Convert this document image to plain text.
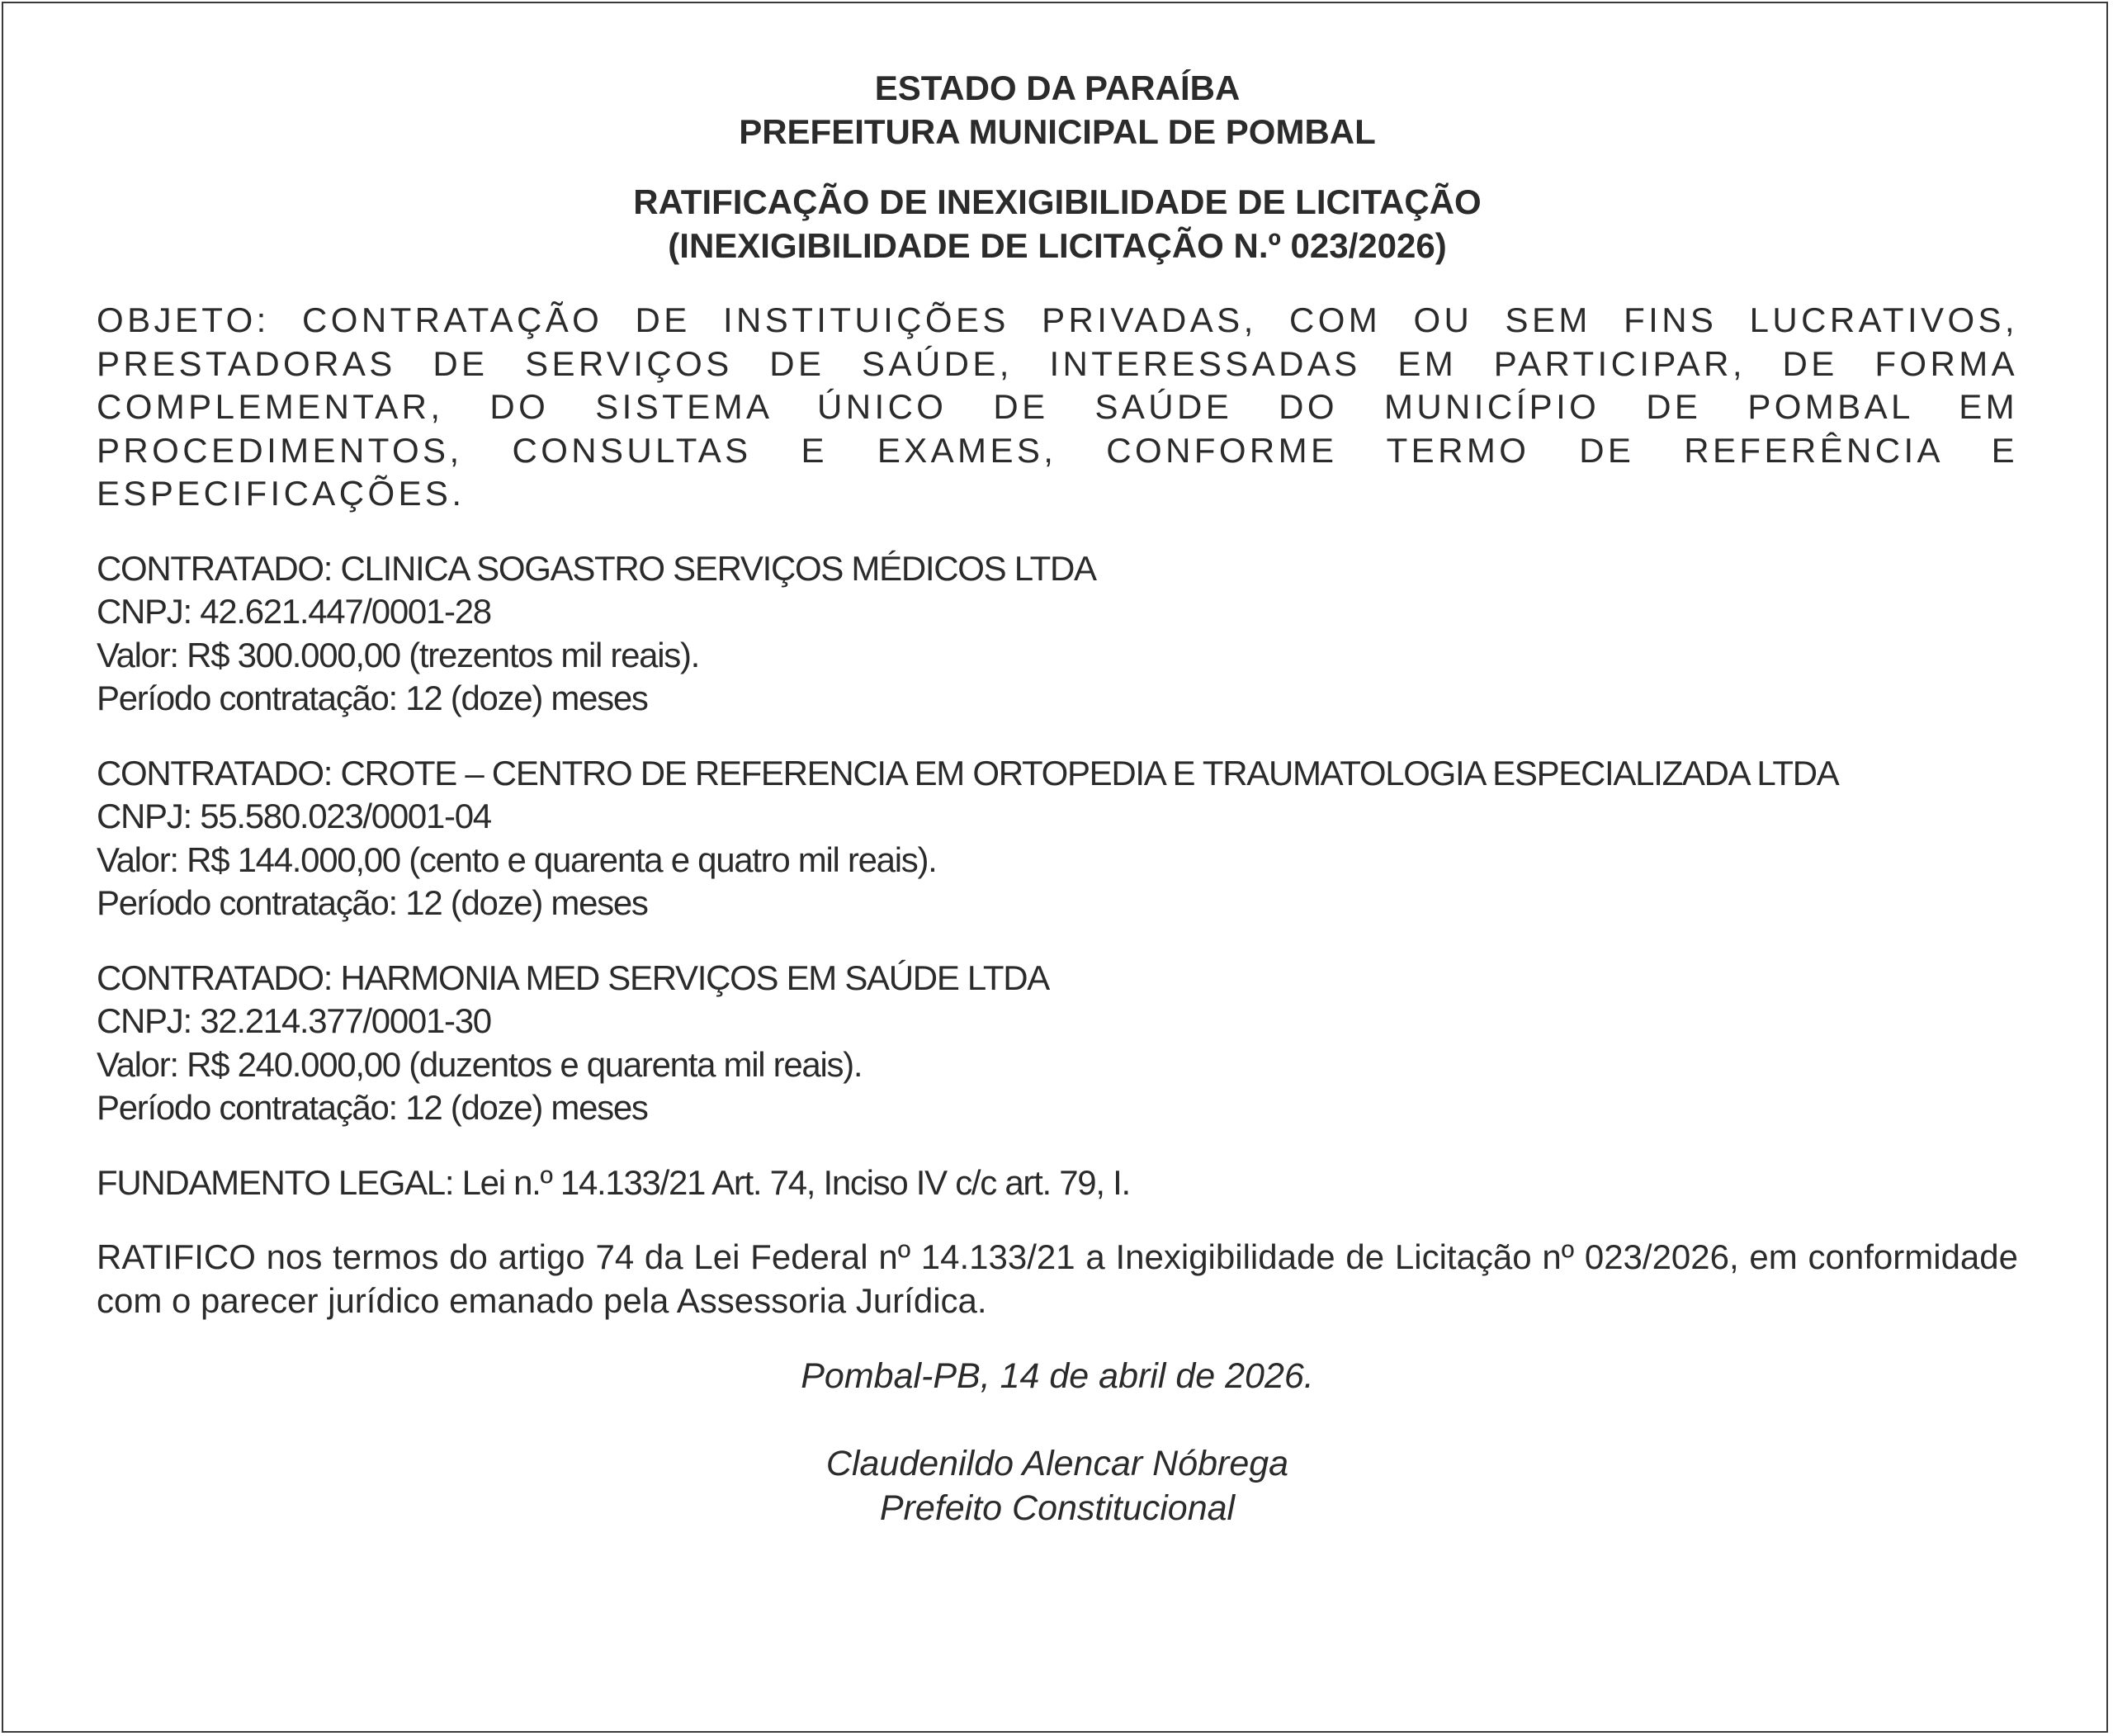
ESTADO DA PARAÍBA
PREFEITURA MUNICIPAL DE POMBAL
RATIFICAÇÃO DE INEXIGIBILIDADE DE LICITAÇÃO
(INEXIGIBILIDADE DE LICITAÇÃO N.º 023/2026)

OBJETO: CONTRATAÇÃO DE INSTITUIÇÕES PRIVADAS, COM OU SEM FINS LUCRATIVOS, PRESTADORAS DE SERVIÇOS DE SAÚDE, INTERESSADAS EM PARTICIPAR, DE FORMA COMPLEMENTAR, DO SISTEMA ÚNICO DE SAÚDE DO MUNICÍPIO DE POMBAL EM PROCEDIMENTOS, CONSULTAS E EXAMES, CONFORME TERMO DE REFERÊNCIA E ESPECIFICAÇÕES.

CONTRATADO: CLINICA SOGASTRO SERVIÇOS MÉDICOS LTDA
CNPJ: 42.621.447/0001-28
Valor: R$ 300.000,00 (trezentos mil reais).
Período contratação: 12 (doze) meses
CONTRATADO: CROTE – CENTRO DE REFERENCIA EM ORTOPEDIA E TRAUMATOLOGIA ESPECIALIZADA LTDA
CNPJ: 55.580.023/0001-04
Valor: R$ 144.000,00 (cento e quarenta e quatro mil reais).
Período contratação: 12 (doze) meses
CONTRATADO: HARMONIA MED SERVIÇOS EM SAÚDE LTDA
CNPJ: 32.214.377/0001-30
Valor: R$ 240.000,00 (duzentos e quarenta mil reais).
Período contratação: 12 (doze) meses

FUNDAMENTO LEGAL: Lei n.º 14.133/21 Art. 74, Inciso IV c/c art. 79, I.

RATIFICO nos termos do artigo 74 da Lei Federal nº 14.133/21 a Inexigibilidade de Licitação nº 023/2026, em conformidade com o parecer jurídico emanado pela Assessoria Jurídica.

Pombal-PB, 14 de abril de 2026.
Claudenildo Alencar Nóbrega
Prefeito Constitucional
